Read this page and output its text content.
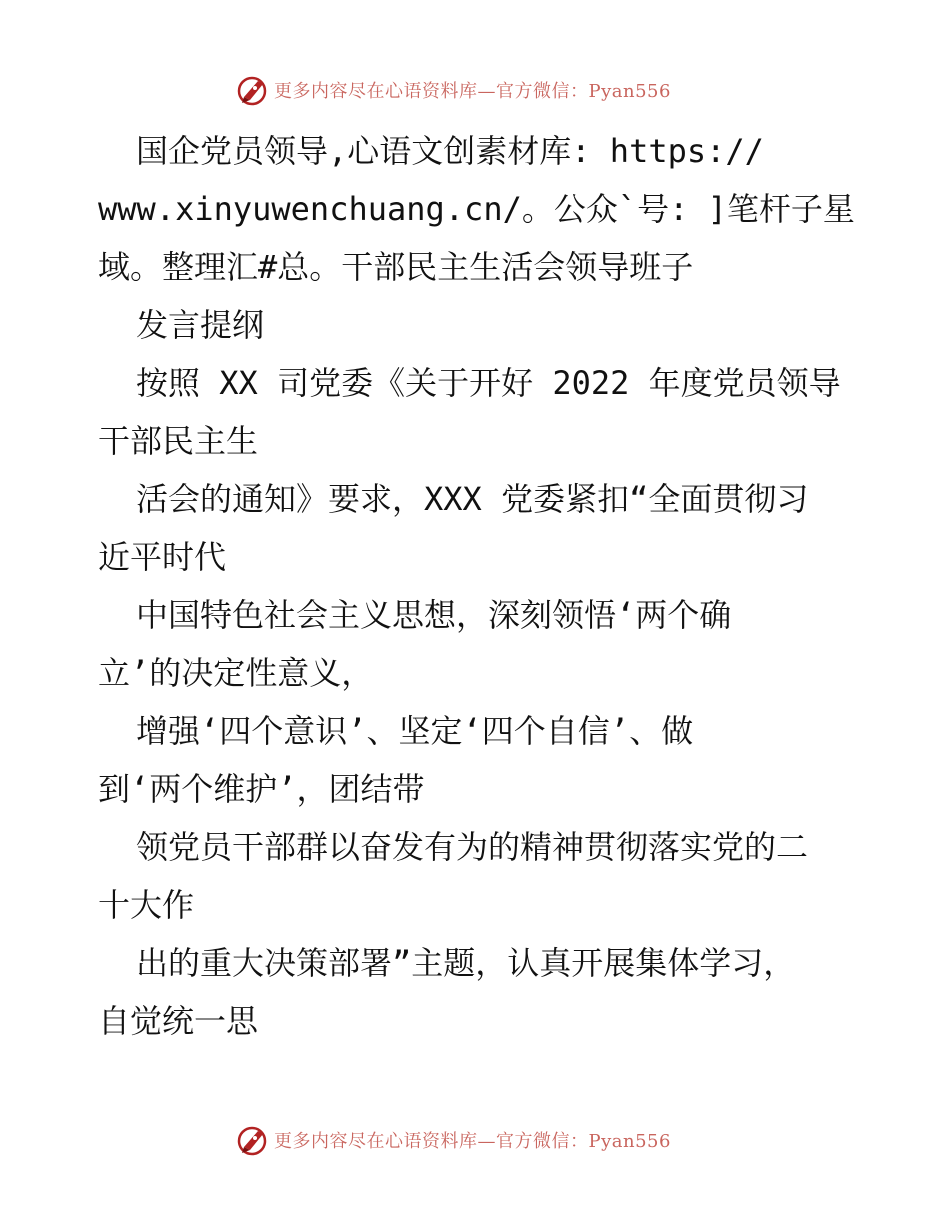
更多内容尽在心语资料库—官方微信：Pyan556
国企党员领导,心语文创素材库: https://
www.xinyuwenchuang.cn/。公众`号: ]笔杆子星
域。整理汇#总。干部民主生活会领导班子
发言提纲
按照 XX 司党委《关于开好 2022 年度党员领导
干部民主生
活会的通知》要求，XXX 党委紧扣“全面贯彻习
近平时代
中国特色社会主义思想，深刻领悟‘两个确
立’的决定性意义，
增强‘四个意识’、坚定‘四个自信’、做
到‘两个维护’，团结带
领党员干部群以奋发有为的精神贯彻落实党的二
十大作
出的重大决策部署”主题，认真开展集体学习，
自觉统一思
更多内容尽在心语资料库—官方微信：Pyan556
